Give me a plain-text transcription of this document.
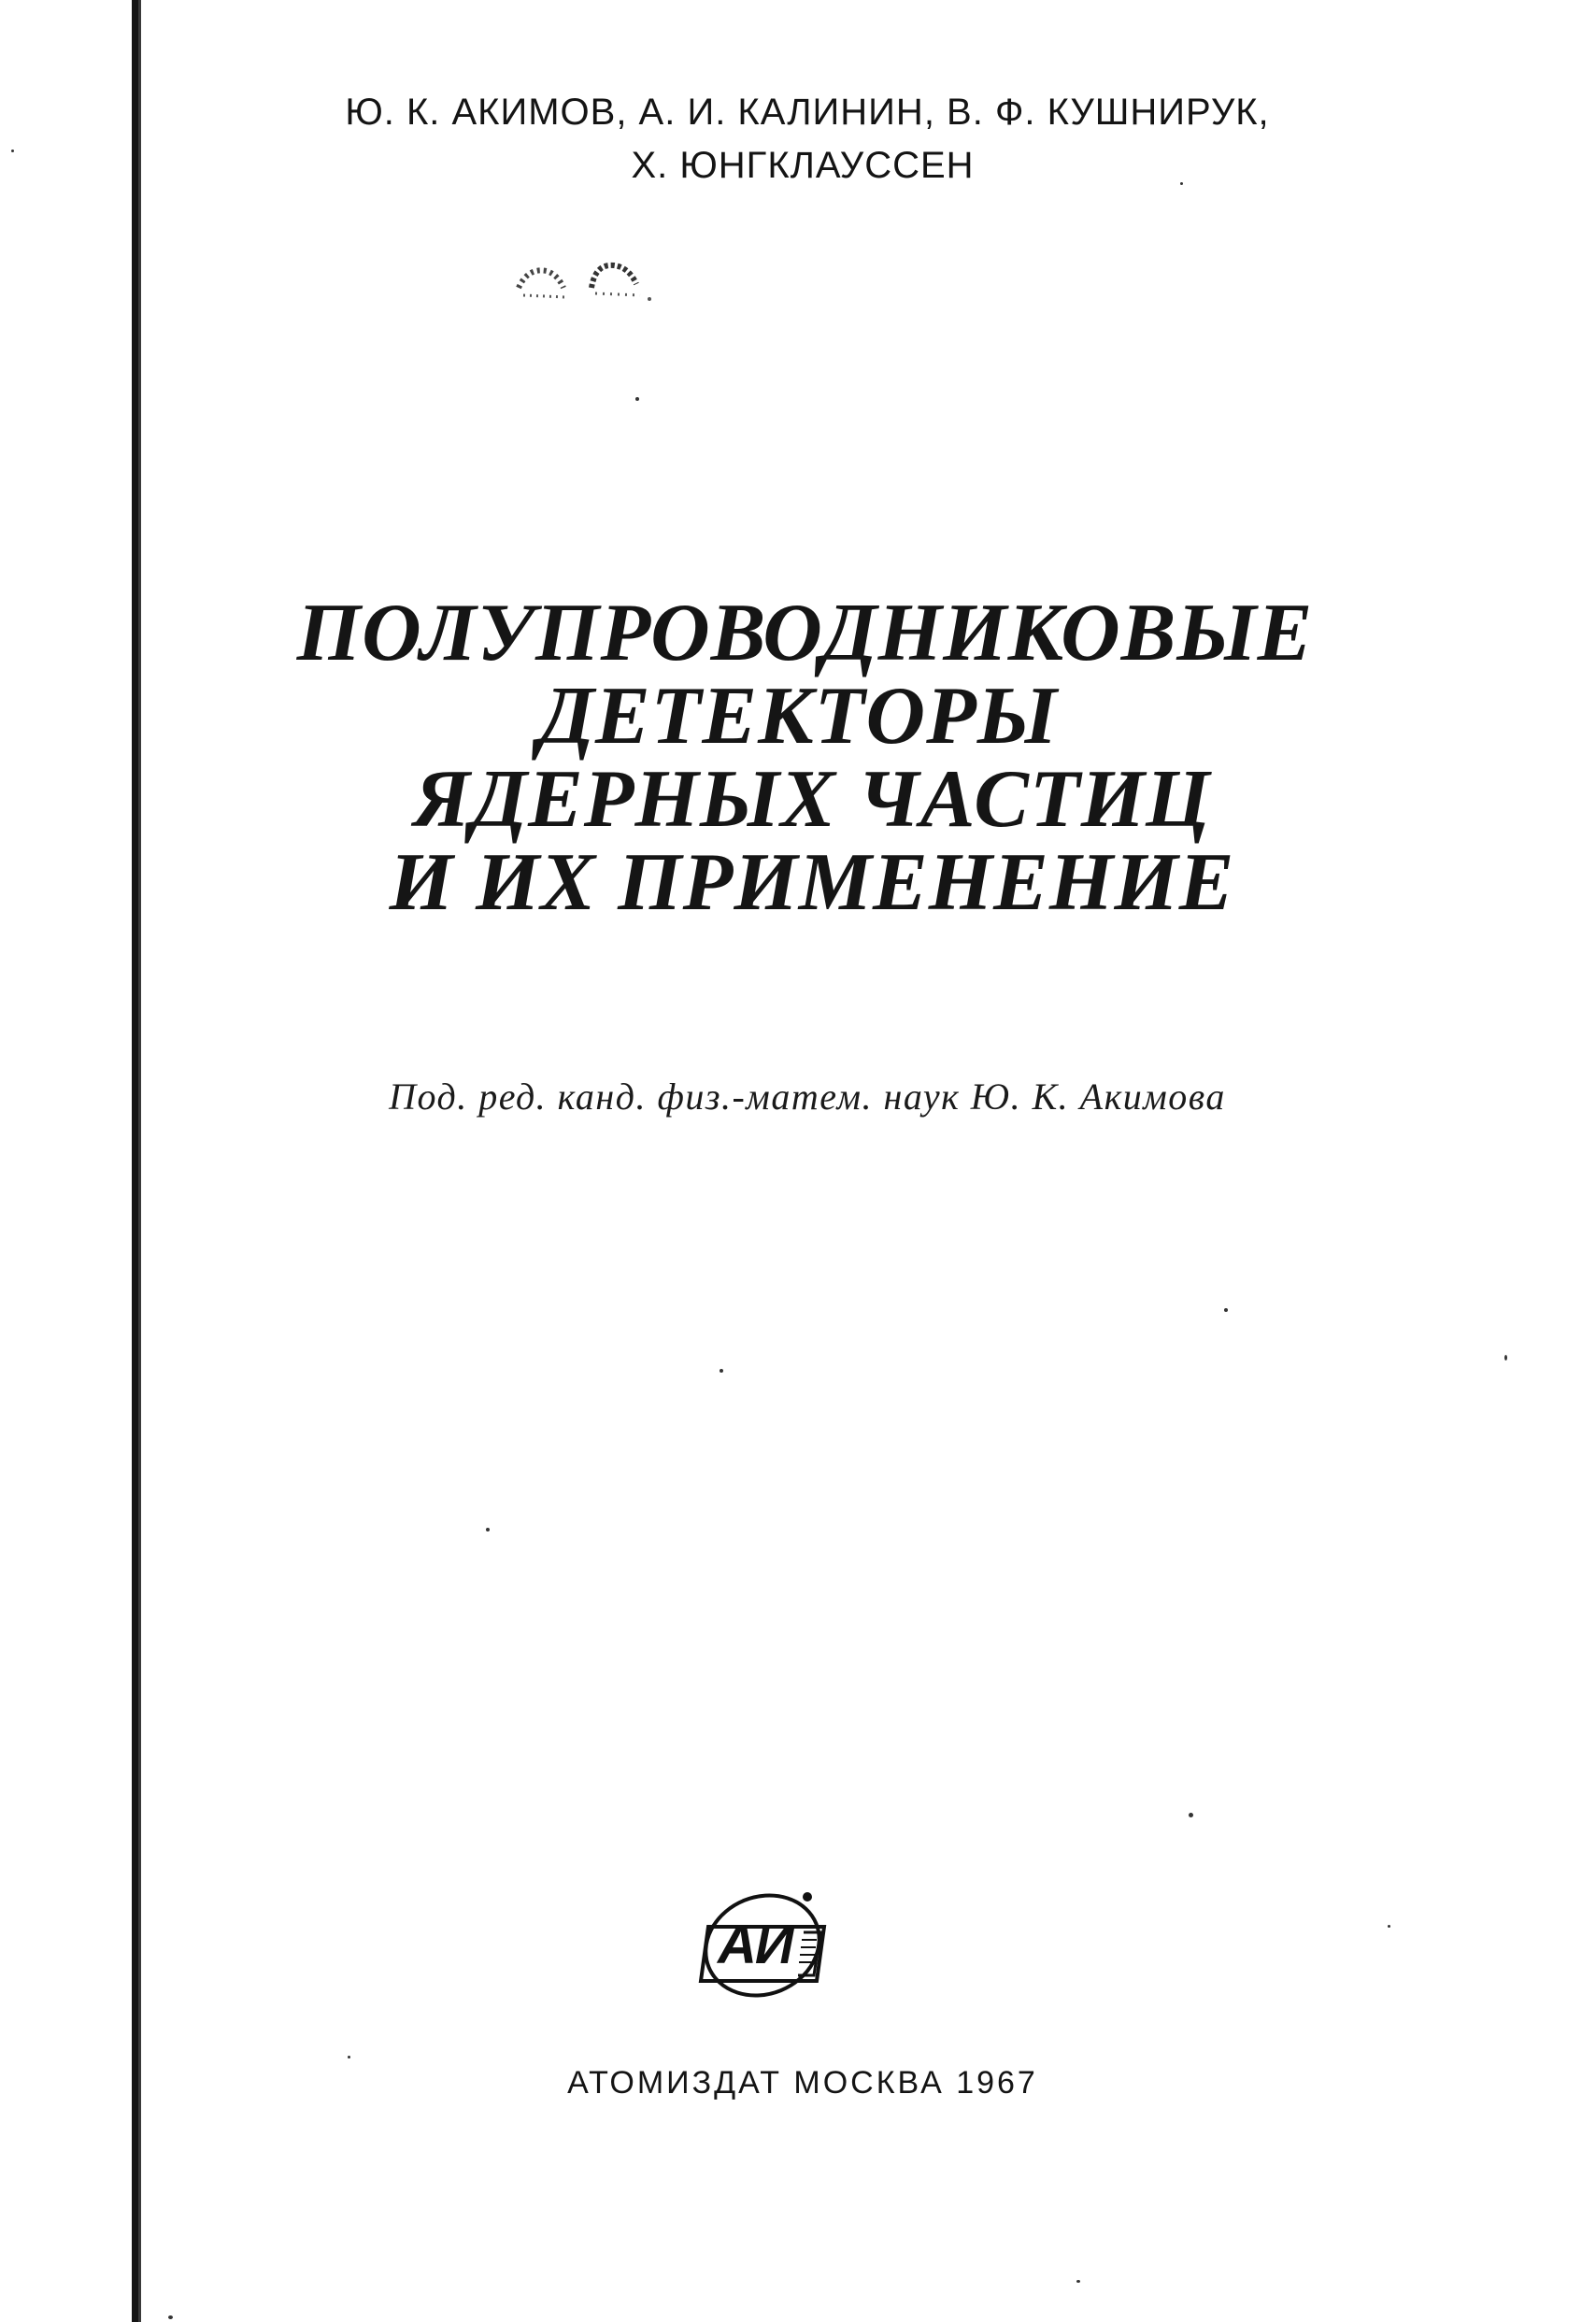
Ю. К. АКИМОВ, А. И. КАЛИНИН, В. Ф. КУШНИРУК,
Х. ЮНГКЛАУССЕН
ПОЛУПРОВОДНИКОВЫЕ
ДЕТЕКТОРЫ
ЯДЕРНЫХ ЧАСТИЦ
И ИХ ПРИМЕНЕНИЕ
Под. ред. канд. физ.-матем. наук Ю. К. Акимова
АИ
АТОМИЗДАТ МОСКВА 1967
